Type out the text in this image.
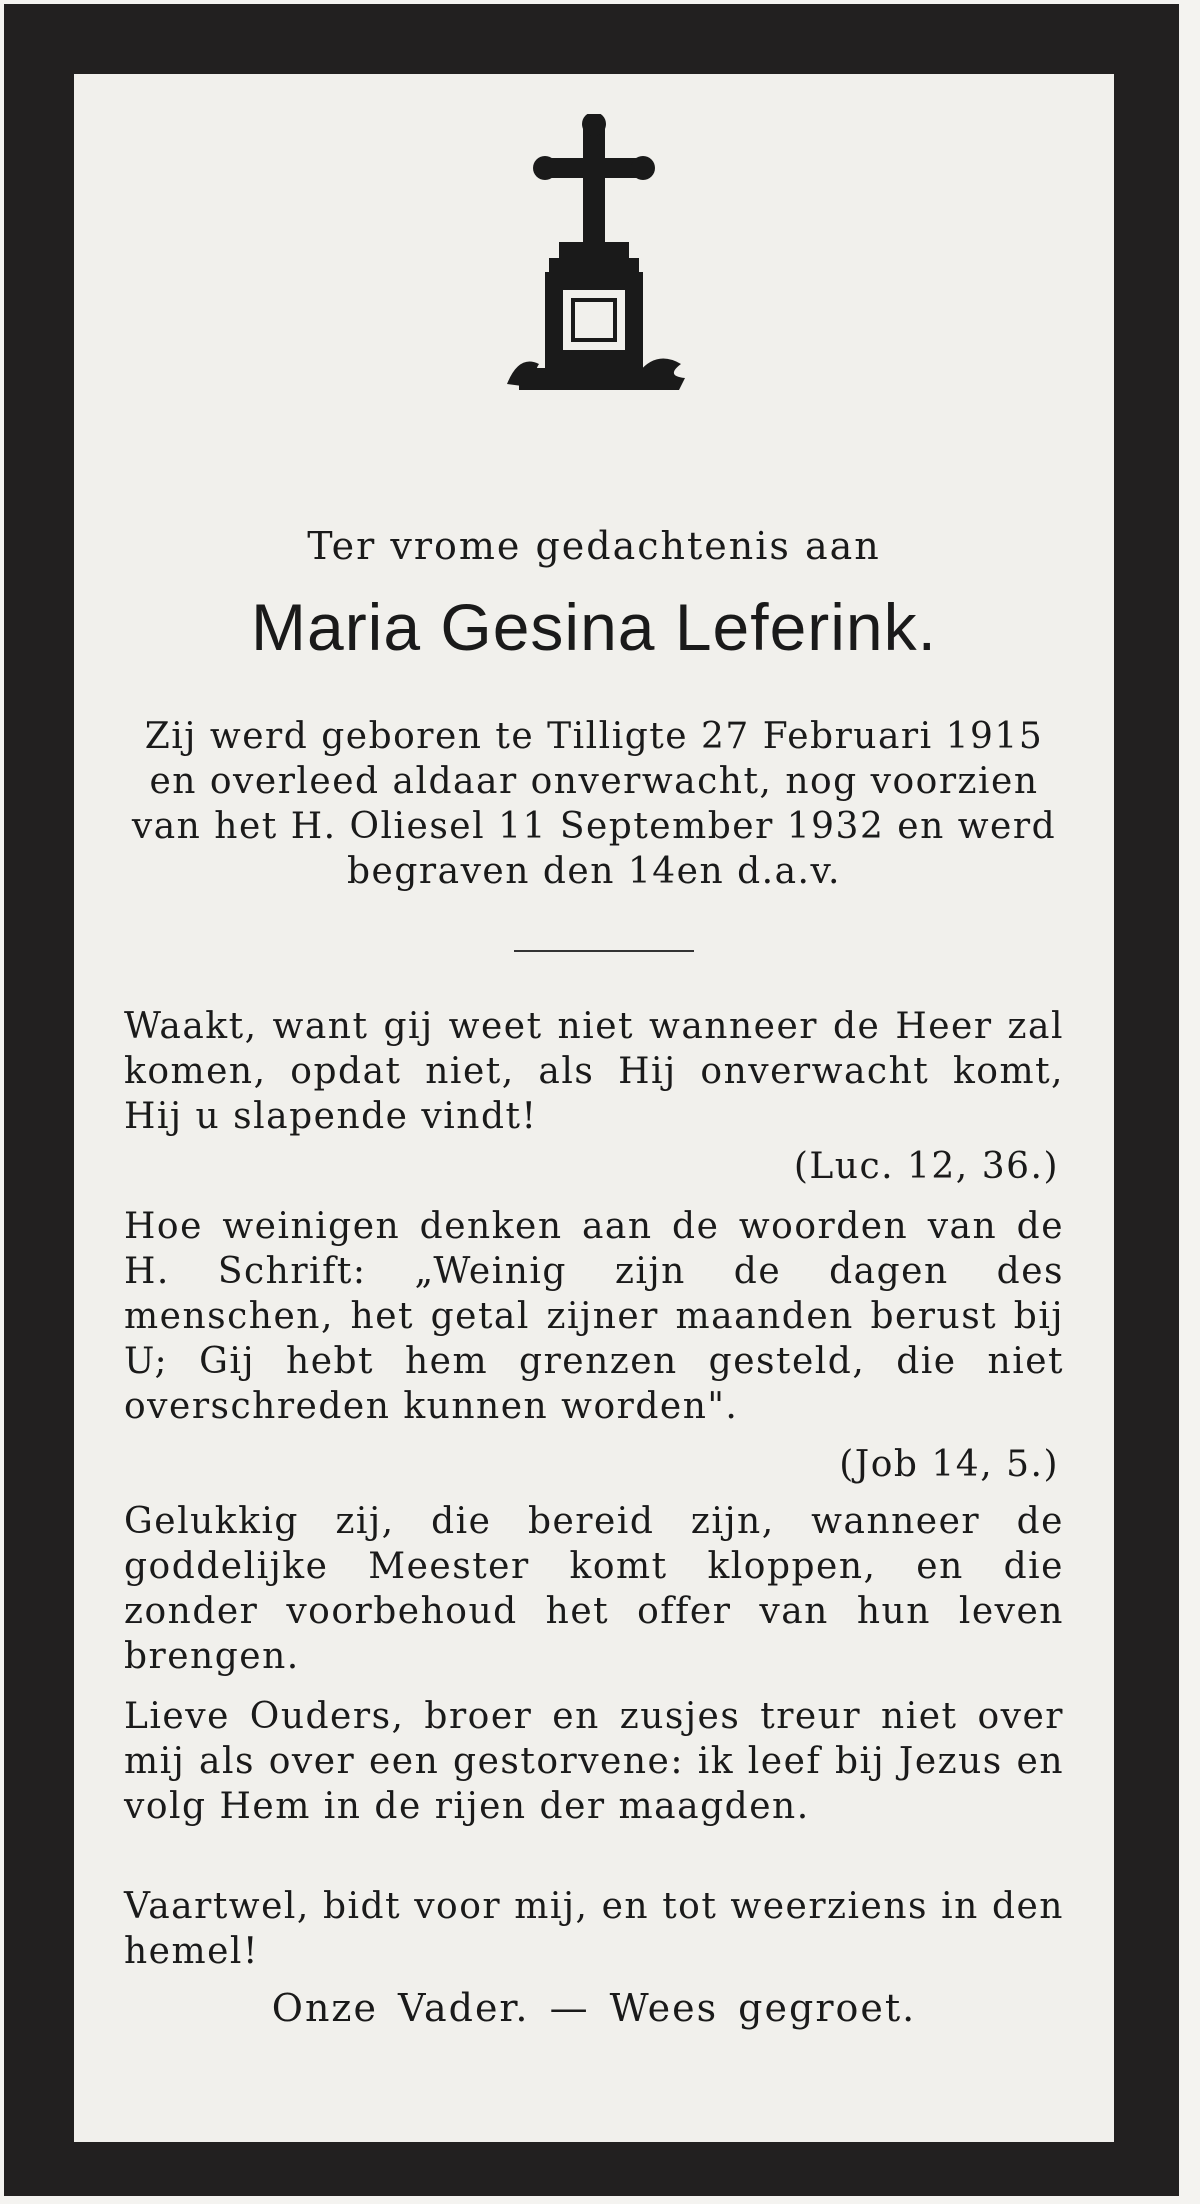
Ter vrome gedachtenis aan
Maria Gesina Leferink.

Zij werd geboren te Tilligte 27 Februari 1915 en overleed aldaar onverwacht, nog voorzien van het H. Oliesel 11 September 1932 en werd begraven den 14en d.a.v.

Waakt, want gij weet niet wanneer de Heer zal komen, opdat niet, als Hij onverwacht komt, Hij u slapende vindt!

(Luc. 12, 36.)

Hoe weinigen denken aan de woorden van de H. Schrift: „Weinig zijn de dagen des menschen, het getal zijner maanden berust bij U; Gij hebt hem grenzen gesteld, die niet overschreden kunnen worden".

(Job 14, 5.)

Gelukkig zij, die bereid zijn, wanneer de goddelijke Meester komt kloppen, en die zonder voorbehoud het offer van hun leven brengen.

Lieve Ouders, broer en zusjes treur niet over mij als over een gestorvene: ik leef bij Jezus en volg Hem in de rijen der maagden.

Vaartwel, bidt voor mij, en tot weerziens in den hemel!

Onze Vader. — Wees gegroet.
